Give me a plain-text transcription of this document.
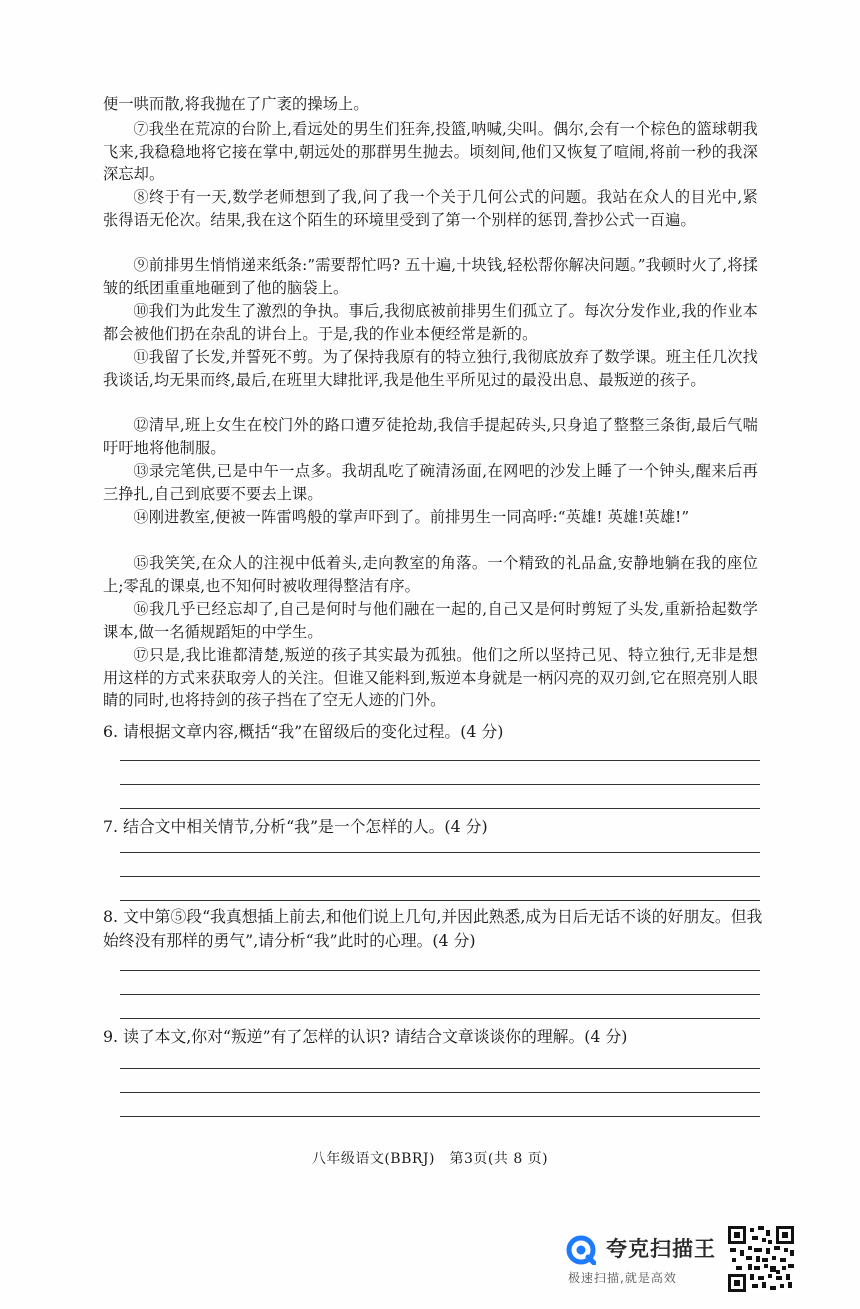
便一哄而散,将我抛在了广袤的操场上。
⑦我坐在荒凉的台阶上,看远处的男生们狂奔,投篮,呐喊,尖叫。偶尔,会有一个棕色的篮球朝我飞来,我稳稳地将它接在掌中,朝远处的那群男生抛去。顷刻间,他们又恢复了喧闹,将前一秒的我深深忘却。
⑧终于有一天,数学老师想到了我,问了我一个关于几何公式的问题。我站在众人的目光中,紧张得语无伦次。结果,我在这个陌生的环境里受到了第一个别样的惩罚,誊抄公式一百遍。
⑨前排男生悄悄递来纸条:”需要帮忙吗? 五十遍,十块钱,轻松帮你解决问题。”我顿时火了,将揉皱的纸团重重地砸到了他的脑袋上。
⑩我们为此发生了激烈的争执。事后,我彻底被前排男生们孤立了。每次分发作业,我的作业本都会被他们扔在杂乱的讲台上。于是,我的作业本便经常是新的。
⑪我留了长发,并誓死不剪。为了保持我原有的特立独行,我彻底放弃了数学课。班主任几次找我谈话,均无果而终,最后,在班里大肆批评,我是他生平所见过的最没出息、最叛逆的孩子。
⑫清早,班上女生在校门外的路口遭歹徒抢劫,我信手提起砖头,只身追了整整三条街,最后气喘吁吁地将他制服。
⑬录完笔供,已是中午一点多。我胡乱吃了碗清汤面,在网吧的沙发上睡了一个钟头,醒来后再三挣扎,自己到底要不要去上课。
⑭刚进教室,便被一阵雷鸣般的掌声吓到了。前排男生一同高呼:“英雄! 英雄!英雄!”
⑮我笑笑,在众人的注视中低着头,走向教室的角落。一个精致的礼品盒,安静地躺在我的座位上;零乱的课桌,也不知何时被收理得整洁有序。
⑯我几乎已经忘却了,自己是何时与他们融在一起的,自己又是何时剪短了头发,重新拾起数学课本,做一名循规蹈矩的中学生。
⑰只是,我比谁都清楚,叛逆的孩子其实最为孤独。他们之所以坚持己见、特立独行,无非是想用这样的方式来获取旁人的关注。但谁又能料到,叛逆本身就是一柄闪亮的双刃剑,它在照亮别人眼睛的同时,也将持剑的孩子挡在了空无人迹的门外。
6. 请根据文章内容,概括“我”在留级后的变化过程。(4 分)
7. 结合文中相关情节,分析“我”是一个怎样的人。(4 分)
8. 文中第⑤段“我真想插上前去,和他们说上几句,并因此熟悉,成为日后无话不谈的好朋友。但我始终没有那样的勇气”,请分析“我”此时的心理。(4 分)
9. 读了本文,你对“叛逆”有了怎样的认识? 请结合文章谈谈你的理解。(4 分)
八年级语文(BBRJ)　第3页(共 8 页)
夸克扫描王
极速扫描,就是高效
